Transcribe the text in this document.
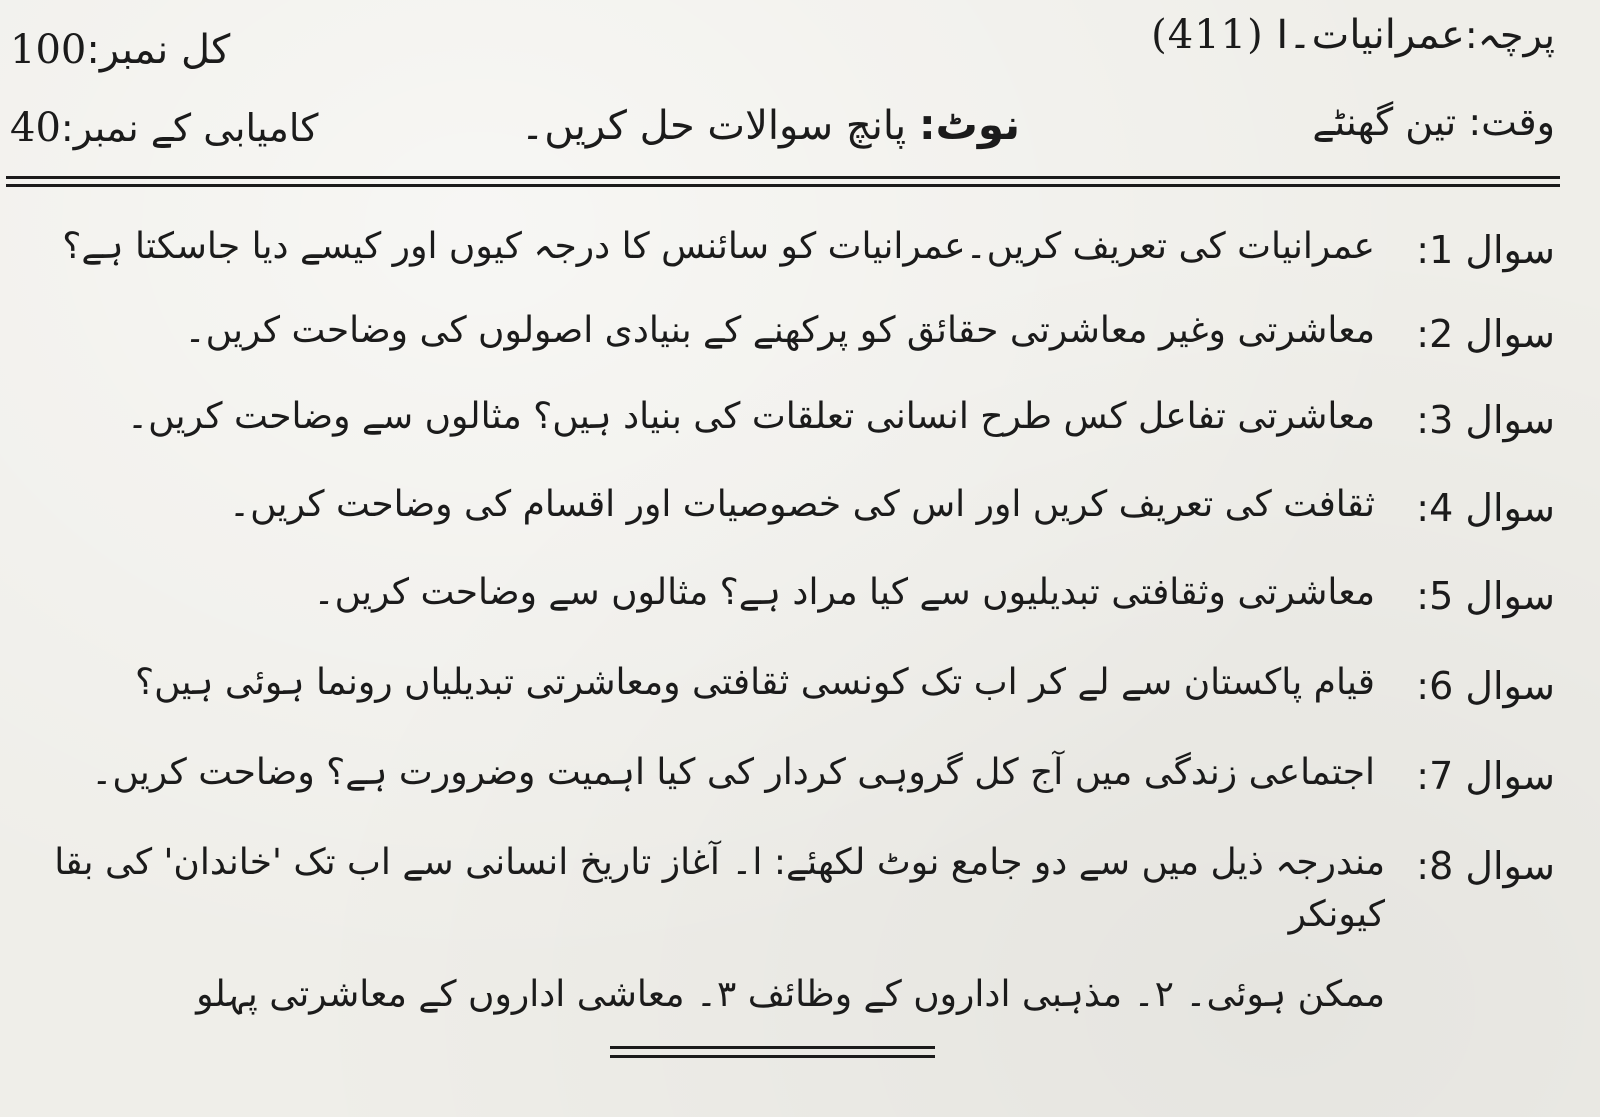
پرچہ:عمرانیات۔I (411)
وقت: تین گھنٹے
کل نمبر:100
کامیابی کے نمبر:40	نوٹ: پانچ سوالات حل کریں۔
سوال 1:
عمرانیات کی تعریف کریں۔عمرانیات کو سائنس کا درجہ کیوں اور کیسے دیا جاسکتا ہے؟
سوال 2:
معاشرتی وغیر معاشرتی حقائق کو پرکھنے کے بنیادی اصولوں کی وضاحت کریں۔
سوال 3:
معاشرتی تفاعل کس طرح انسانی تعلقات کی بنیاد ہیں؟ مثالوں سے وضاحت کریں۔
سوال 4:
ثقافت کی تعریف کریں اور اس کی خصوصیات اور اقسام کی وضاحت کریں۔
سوال 5:
معاشرتی وثقافتی تبدیلیوں سے کیا مراد ہے؟ مثالوں سے وضاحت کریں۔
سوال 6:
قیام پاکستان سے لے کر اب تک کونسی ثقافتی ومعاشرتی تبدیلیاں رونما ہوئی ہیں؟
سوال 7:
اجتماعی زندگی میں آج کل گروہی کردار کی کیا اہمیت وضرورت ہے؟ وضاحت کریں۔
سوال 8:
مندرجہ ذیل میں سے دو جامع نوٹ لکھئے: ا۔ آغاز تاریخ انسانی سے اب تک 'خاندان' کی بقا کیونکر
ممکن ہوئی۔ ۲۔ مذہبی اداروں کے وظائف ۳۔ معاشی اداروں کے معاشرتی پہلو
